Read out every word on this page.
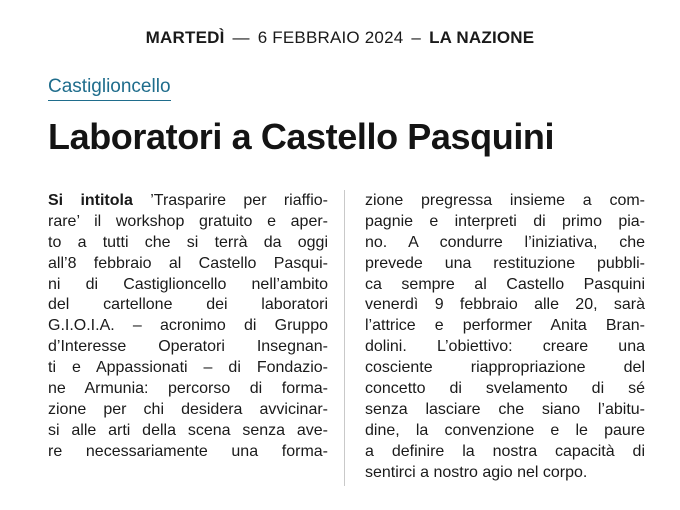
MARTEDÌ — 6 FEBBRAIO 2024 – LA NAZIONE
Castiglioncello
Laboratori a Castello Pasquini
Si intitola ’Trasparire per riaffio-
rare’ il workshop gratuito e aper-
to a tutti che si terrà da oggi
all’8 febbraio al Castello Pasqui-
ni di Castiglioncello nell’ambito
del cartellone dei laboratori
G.I.O.I.A. – acronimo di Gruppo
d’Interesse Operatori Insegnan-
ti e Appassionati – di Fondazio-
ne Armunia: percorso di forma-
zione per chi desidera avvicinar-
si alle arti della scena senza ave-
re necessariamente una forma-
zione pregressa insieme a com-
pagnie e interpreti di primo pia-
no. A condurre l’iniziativa, che
prevede una restituzione pubbli-
ca sempre al Castello Pasquini
venerdì 9 febbraio alle 20, sarà
l’attrice e performer Anita Bran-
dolini. L’obiettivo: creare una
cosciente riappropriazione del
concetto di svelamento di sé
senza lasciare che siano l’abitu-
dine, la convenzione e le paure
a definire la nostra capacità di
sentirci a nostro agio nel corpo.
